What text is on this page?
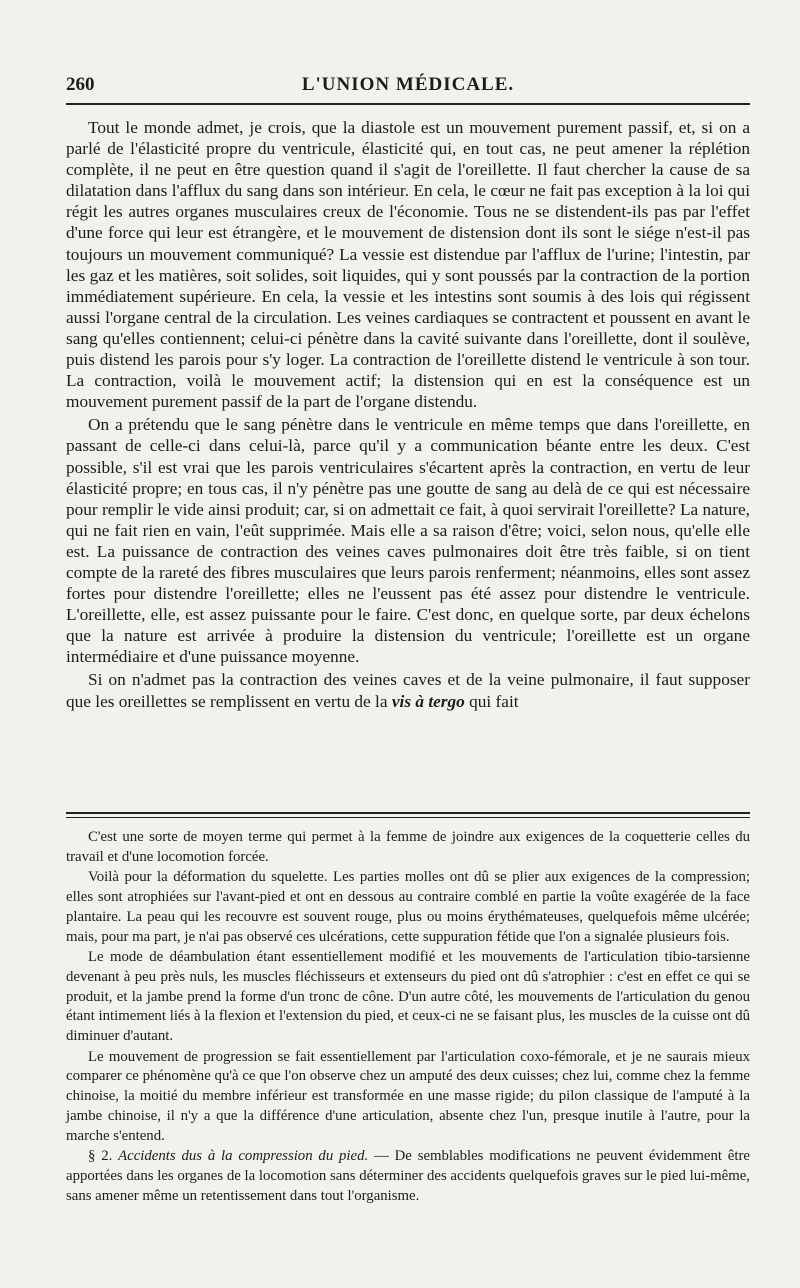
260	L'UNION MÉDICALE.

Tout le monde admet, je crois, que la diastole est un mouvement purement passif, et, si on a parlé de l'élasticité propre du ventricule, élasticité qui, en tout cas, ne peut amener la réplétion complète, il ne peut en être question quand il s'agit de l'oreillette. Il faut chercher la cause de sa dilatation dans l'afflux du sang dans son intérieur. En cela, le cœur ne fait pas exception à la loi qui régit les autres organes musculaires creux de l'économie. Tous ne se distendent-ils pas par l'effet d'une force qui leur est étrangère, et le mouvement de distension dont ils sont le siége n'est-il pas toujours un mouvement communiqué? La vessie est distendue par l'afflux de l'urine; l'intestin, par les gaz et les matières, soit solides, soit liquides, qui y sont poussés par la contraction de la portion immédiatement supérieure. En cela, la vessie et les intestins sont soumis à des lois qui régissent aussi l'organe central de la circulation. Les veines cardiaques se contractent et poussent en avant le sang qu'elles contiennent; celui-ci pénètre dans la cavité suivante dans l'oreillette, dont il soulève, puis distend les parois pour s'y loger. La contraction de l'oreillette distend le ventricule à son tour. La contraction, voilà le mouvement actif; la distension qui en est la conséquence est un mouvement purement passif de la part de l'organe distendu.

On a prétendu que le sang pénètre dans le ventricule en même temps que dans l'oreillette, en passant de celle-ci dans celui-là, parce qu'il y a communication béante entre les deux. C'est possible, s'il est vrai que les parois ventriculaires s'écartent après la contraction, en vertu de leur élasticité propre; en tous cas, il n'y pénètre pas une goutte de sang au delà de ce qui est nécessaire pour remplir le vide ainsi produit; car, si on admettait ce fait, à quoi servirait l'oreillette? La nature, qui ne fait rien en vain, l'eût supprimée. Mais elle a sa raison d'être; voici, selon nous, qu'elle elle est. La puissance de contraction des veines caves pulmonaires doit être très faible, si on tient compte de la rareté des fibres musculaires que leurs parois renferment; néanmoins, elles sont assez fortes pour distendre l'oreillette; elles ne l'eussent pas été assez pour distendre le ventricule. L'oreillette, elle, est assez puissante pour le faire. C'est donc, en quelque sorte, par deux échelons que la nature est arrivée à produire la distension du ventricule; l'oreillette est un organe intermédiaire et d'une puissance moyenne.

Si on n'admet pas la contraction des veines caves et de la veine pulmonaire, il faut supposer que les oreillettes se remplissent en vertu de la vis à tergo qui fait

C'est une sorte de moyen terme qui permet à la femme de joindre aux exigences de la coquetterie celles du travail et d'une locomotion forcée.

Voilà pour la déformation du squelette. Les parties molles ont dû se plier aux exigences de la compression; elles sont atrophiées sur l'avant-pied et ont en dessous au contraire comblé en partie la voûte exagérée de la face plantaire. La peau qui les recouvre est souvent rouge, plus ou moins érythémateuses, quelquefois même ulcérée; mais, pour ma part, je n'ai pas observé ces ulcérations, cette suppuration fétide que l'on a signalée plusieurs fois.

Le mode de déambulation étant essentiellement modifié et les mouvements de l'articulation tibio-tarsienne devenant à peu près nuls, les muscles fléchisseurs et extenseurs du pied ont dû s'atrophier : c'est en effet ce qui se produit, et la jambe prend la forme d'un tronc de cône. D'un autre côté, les mouvements de l'articulation du genou étant intimement liés à la flexion et l'extension du pied, et ceux-ci ne se faisant plus, les muscles de la cuisse ont dû diminuer d'autant.

Le mouvement de progression se fait essentiellement par l'articulation coxo-fémorale, et je ne saurais mieux comparer ce phénomène qu'à ce que l'on observe chez un amputé des deux cuisses; chez lui, comme chez la femme chinoise, la moitié du membre inférieur est transformée en une masse rigide; du pilon classique de l'amputé à la jambe chinoise, il n'y a que la différence d'une articulation, absente chez l'un, presque inutile à l'autre, pour la marche s'entend.

§ 2. Accidents dus à la compression du pied. — De semblables modifications ne peuvent évidemment être apportées dans les organes de la locomotion sans déterminer des accidents quelquefois graves sur le pied lui-même, sans amener même un retentissement dans tout l'organisme.
